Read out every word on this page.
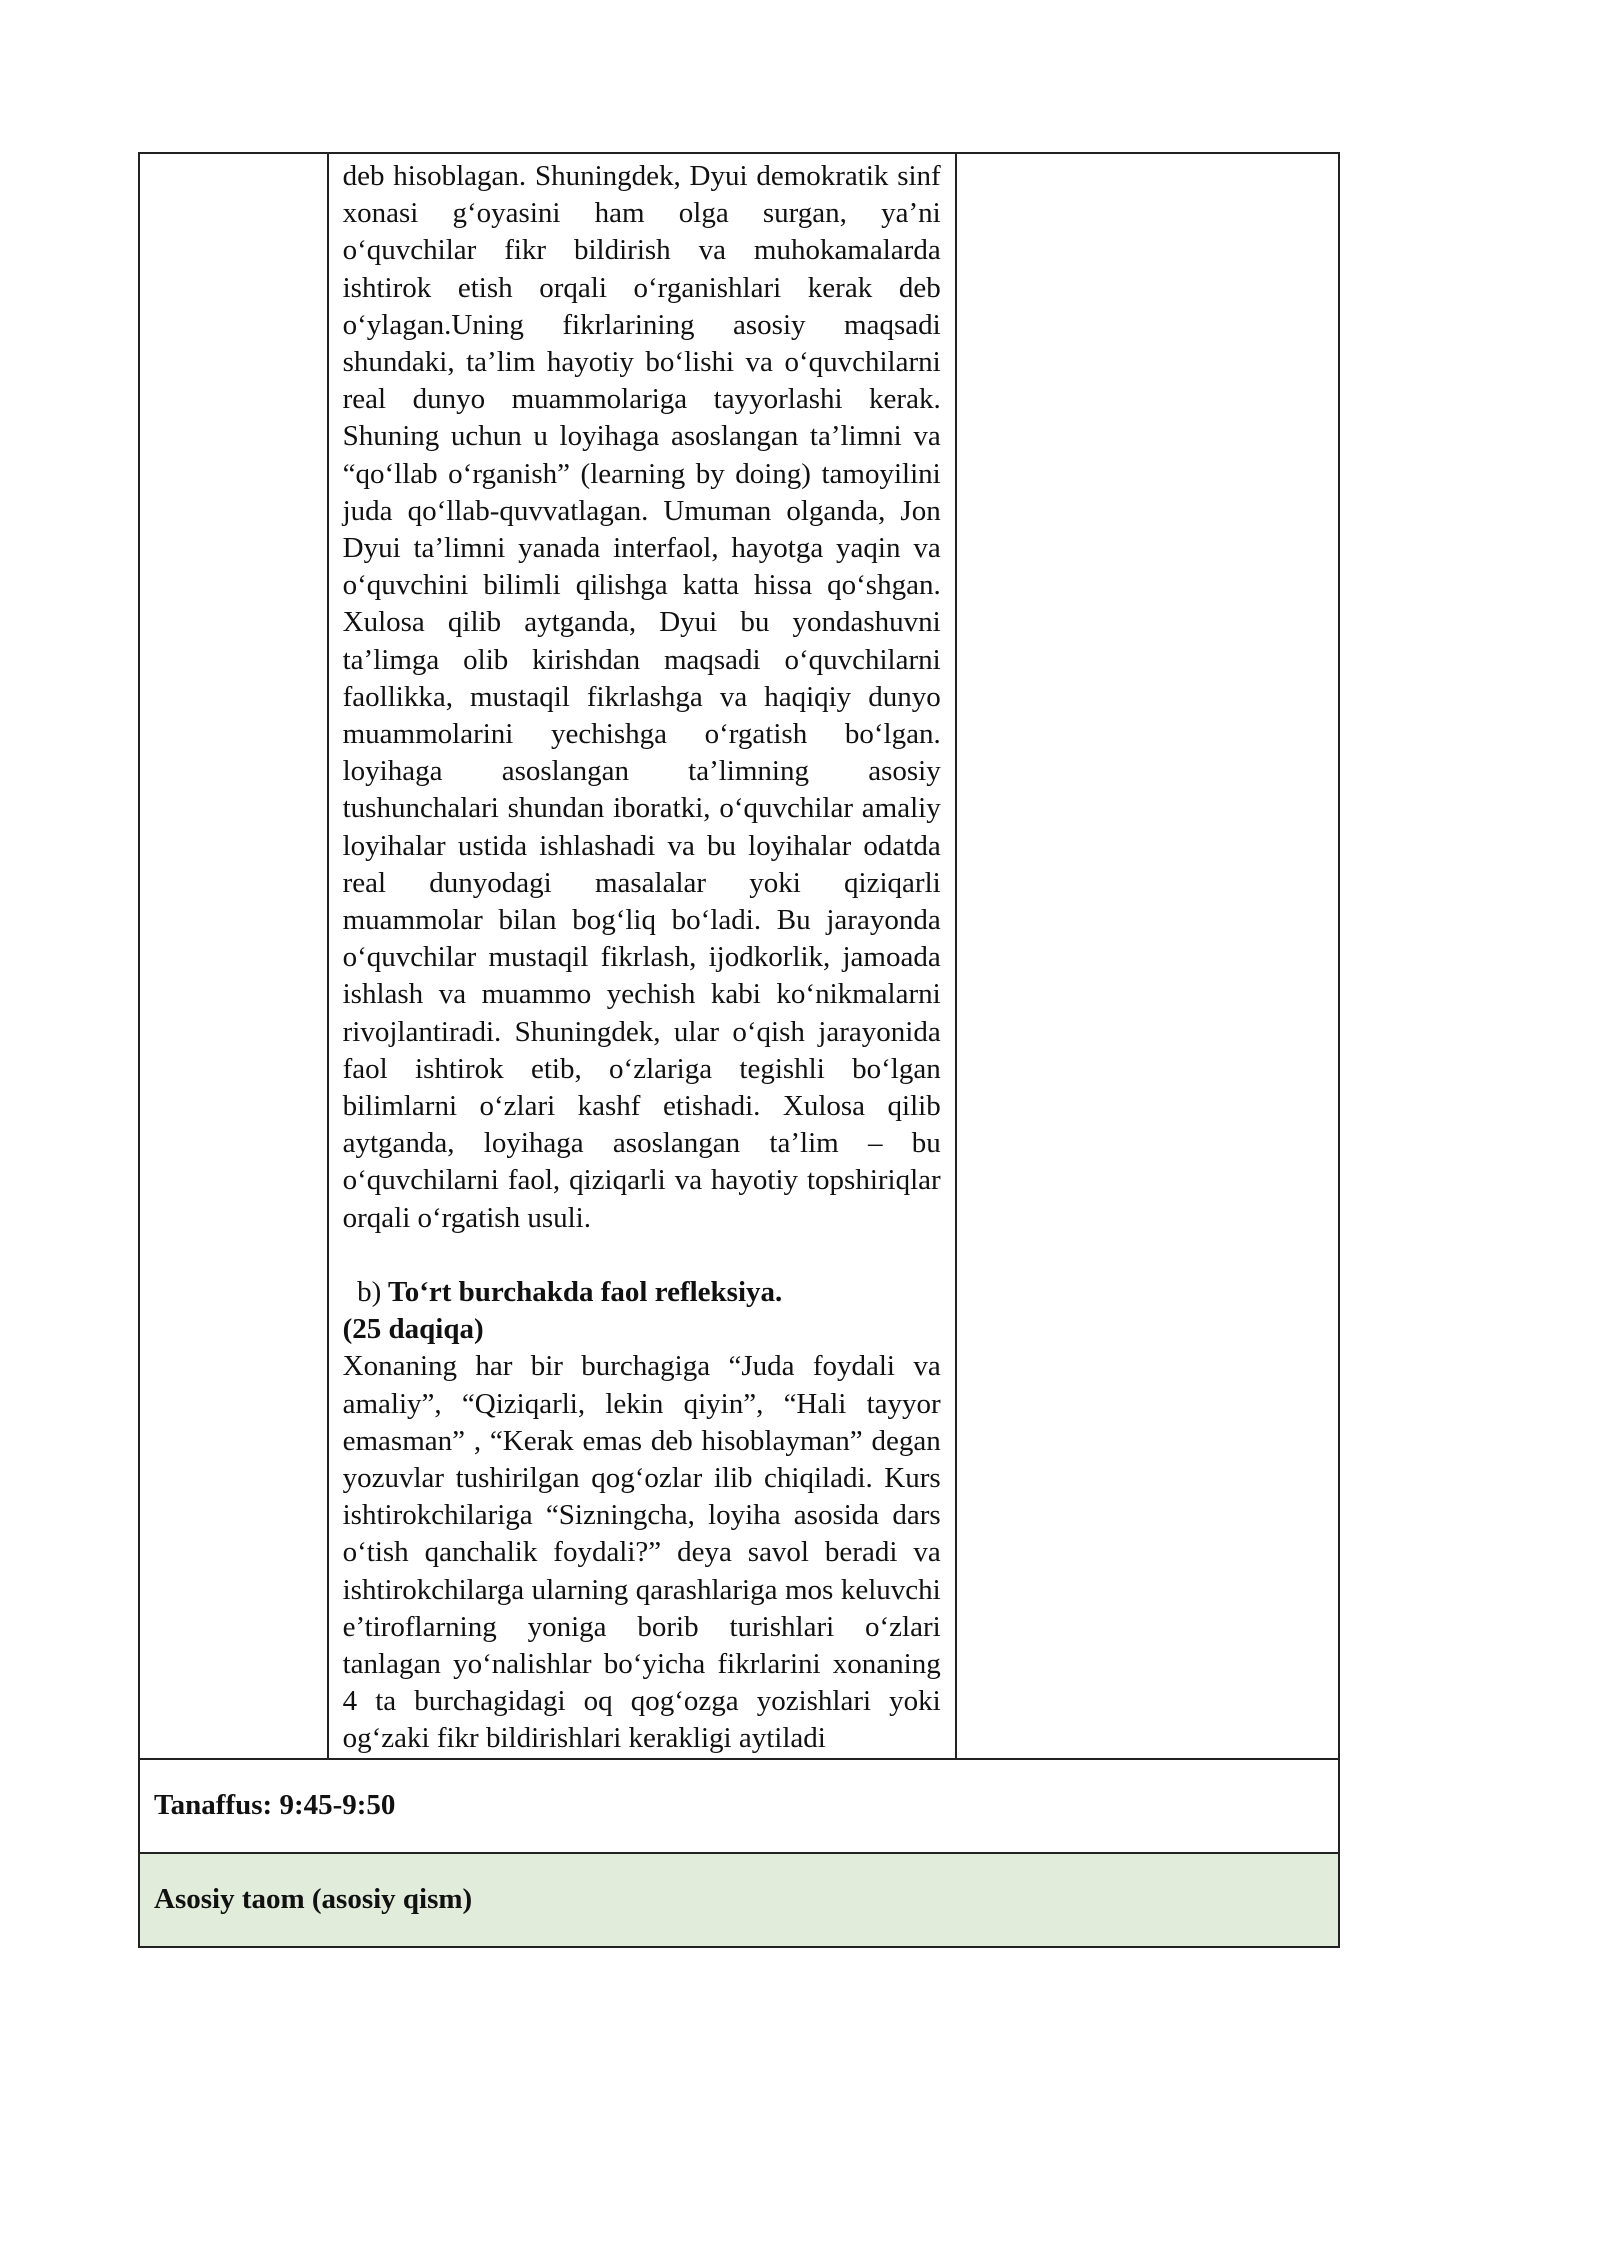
deb hisoblagan. Shuningdek, Dyui demokratik sinf xonasi g‘oyasini ham olga surgan, ya’ni o‘quvchilar fikr bildirish va muhokamalarda ishtirok etish orqali o‘rganishlari kerak deb o‘ylagan.Uning fikrlarining asosiy maqsadi shundaki, ta’lim hayotiy bo‘lishi va o‘quvchilarni real dunyo muammolariga tayyorlashi kerak. Shuning uchun u loyihaga asoslangan ta’limni va “qo‘llab o‘rganish” (learning by doing) tamoyilini juda qo‘llab-quvvatlagan. Umuman olganda, Jon Dyui ta’limni yanada interfaol, hayotga yaqin va o‘quvchini bilimli qilishga katta hissa qo‘shgan. Xulosa qilib aytganda, Dyui bu yondashuvni ta’limga olib kirishdan maqsadi o‘quvchilarni faollikka, mustaqil fikrlashga va haqiqiy dunyo muammolarini yechishga o‘rgatish bo‘lgan. loyihaga asoslangan ta’limning asosiy tushunchalari shundan iboratki, o‘quvchilar amaliy loyihalar ustida ishlashadi va bu loyihalar odatda real dunyodagi masalalar yoki qiziqarli muammolar bilan bog‘liq bo‘ladi. Bu jarayonda o‘quvchilar mustaqil fikrlash, ijodkorlik, jamoada ishlash va muammo yechish kabi ko‘nikmalarni rivojlantiradi. Shuningdek, ular o‘qish jarayonida faol ishtirok etib, o‘zlariga tegishli bo‘lgan bilimlarni o‘zlari kashf etishadi. Xulosa qilib aytganda, loyihaga asoslangan ta’lim – bu o‘quvchilarni faol, qiziqarli va hayotiy topshiriqlar orqali o‘rgatish usuli.

b) To‘rt burchakda faol refleksiya.

(25 daqiqa)

Xonaning har bir burchagiga “Juda foydali va amaliy”, “Qiziqarli, lekin qiyin”, “Hali tayyor emasman” , “Kerak emas deb hisoblayman” degan yozuvlar tushirilgan qog‘ozlar ilib chiqiladi. Kurs ishtirokchilariga “Sizningcha, loyiha asosida dars o‘tish qanchalik foydali?” deya savol beradi va ishtirokchilarga ularning qarashlariga mos keluvchi e’tiroflarning yoniga borib turishlari o‘zlari tanlagan yo‘nalishlar bo‘yicha fikrlarini xonaning 4 ta burchagidagi oq qog‘ozga yozishlari yoki og‘zaki fikr bildirishlari kerakligi aytiladi

Tanaffus: 9:45-9:50
Asosiy taom (asosiy qism)
